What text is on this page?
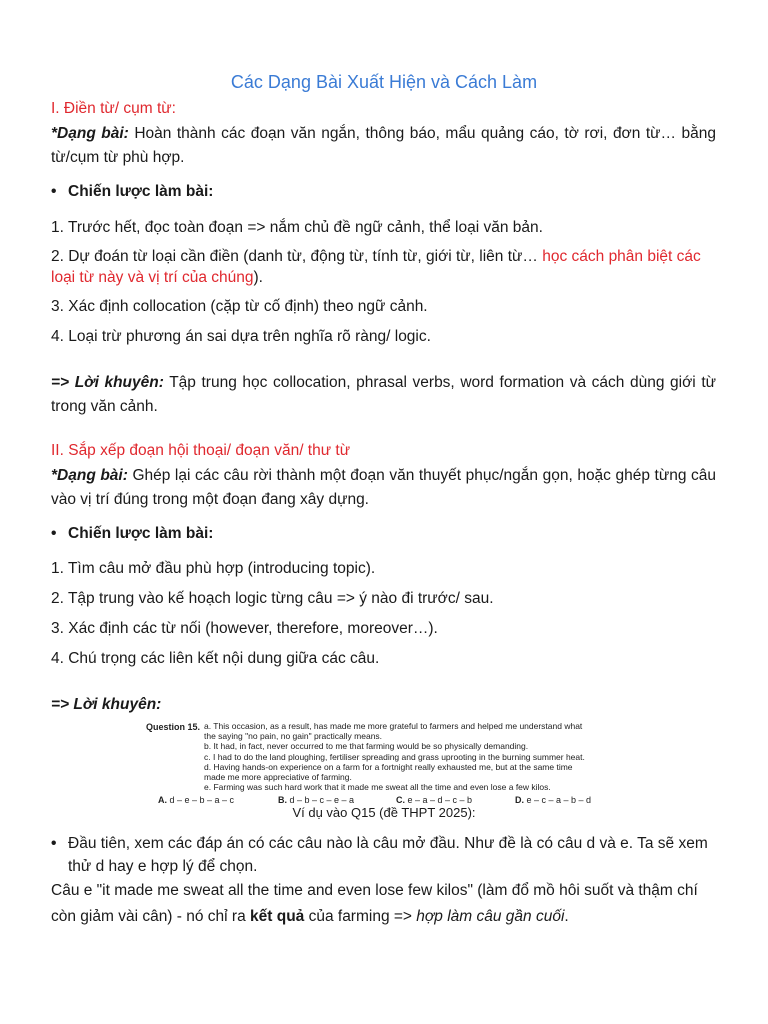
Các Dạng Bài Xuất Hiện và Cách Làm

I. Điền từ/ cụm từ:

*Dạng bài: Hoàn thành các đoạn văn ngắn, thông báo, mẩu quảng cáo, tờ rơi, đơn từ… bằng từ/cụm từ phù hợp.

• Chiến lược làm bài:

1. Trước hết, đọc toàn đoạn => nắm chủ đề ngữ cảnh, thể loại văn bản.

2. Dự đoán từ loại cần điền (danh từ, động từ, tính từ, giới từ, liên từ… học cách phân biệt các loại từ này và vị trí của chúng).

3. Xác định collocation (cặp từ cố định) theo ngữ cảnh.

4. Loại trừ phương án sai dựa trên nghĩa rõ ràng/ logic.

=> Lời khuyên: Tập trung học collocation, phrasal verbs, word formation và cách dùng giới từ trong văn cảnh.

II. Sắp xếp đoạn hội thoại/ đoạn văn/ thư từ

*Dạng bài: Ghép lại các câu rời thành một đoạn văn thuyết phục/ngắn gọn, hoặc ghép từng câu vào vị trí đúng trong một đoạn đang xây dựng.

• Chiến lược làm bài:

1. Tìm câu mở đầu phù hợp (introducing topic).

2. Tập trung vào kế hoạch logic từng câu => ý nào đi trước/ sau.

3. Xác định các từ nối (however, therefore, moreover…).

4. Chú trọng các liên kết nội dung giữa các câu.

=> Lời khuyên:

Question 15. a. This occasion, as a result, has made me more grateful to farmers and helped me understand what
the saying "no pain, no gain" practically means.
b. It had, in fact, never occurred to me that farming would be so physically demanding.
c. I had to do the land ploughing, fertiliser spreading and grass uprooting in the burning summer heat.
d. Having hands-on experience on a farm for a fortnight really exhausted me, but at the same time
made me more appreciative of farming.
e. Farming was such hard work that it made me sweat all the time and even lose a few kilos.
A. d – e – b – a – c	B. d – b – c – e – a	C. e – a – d – c – b	D. e – c – a – b – d
Ví dụ vào Q15 (đề THPT 2025):

• Đầu tiên, xem các đáp án có các câu nào là câu mở đầu. Như đề là có câu d và e. Ta sẽ xem thử d hay e hợp lý để chọn.

Câu e "it made me sweat all the time and even lose few kilos" (làm đổ mồ hôi suốt và thậm chí còn giảm vài cân) - nó chỉ ra kết quả của farming => hợp làm câu gần cuối.
